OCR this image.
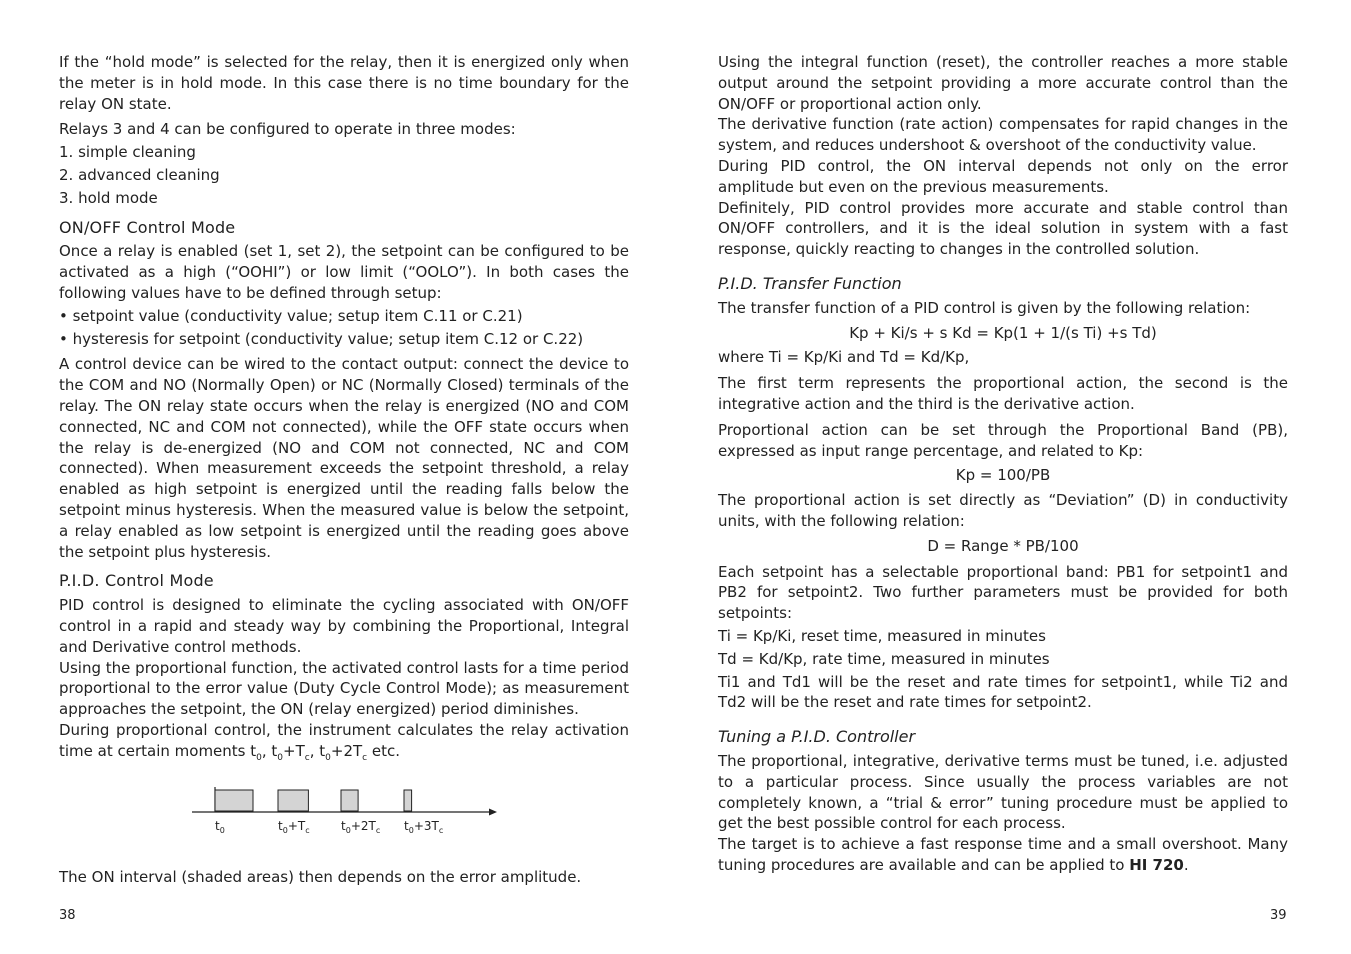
If the “hold mode” is selected for the relay, then it is energized only when the meter is in hold mode. In this case there is no time boundary for the relay ON state.

Relays 3 and 4 can be configured to operate in three modes:

1. simple cleaning
2. advanced cleaning
3. hold mode
ON/OFF Control Mode

Once a relay is enabled (set 1, set 2), the setpoint can be configured to be activated as a high (“OOHI”) or low limit (“OOLO”). In both cases the following values have to be defined through setup:

• setpoint value (conductivity value; setup item C.11 or C.21)
• hysteresis for setpoint (conductivity value; setup item C.12 or C.22)

A control device can be wired to the contact output: connect the device to the COM and NO (Normally Open) or NC (Normally Closed) terminals of the relay. The ON relay state occurs when the relay is energized (NO and COM connected, NC and COM not connected), while the OFF state occurs when the relay is de-energized (NO and COM not connected, NC and COM connected). When measurement exceeds the setpoint threshold, a relay enabled as high setpoint is energized until the reading falls below the setpoint minus hysteresis. When the measured value is below the setpoint, a relay enabled as low setpoint is energized until the reading goes above the setpoint plus hysteresis.

P.I.D. Control Mode

PID control is designed to eliminate the cycling associated with ON/OFF control in a rapid and steady way by combining the Proportional, Integral and Derivative control methods.

Using the proportional function, the activated control lasts for a time period proportional to the error value (Duty Cycle Control Mode); as measurement approaches the setpoint, the ON (relay energized) period diminishes.

During proportional control, the instrument calculates the relay activation time at certain moments $t_0$, $t_0+T_c$, $t_0+2T_c$ etc.

$t_0$	$t_0+T_c$	$t_0+2T_c$ $t_0+3T_c$

The ON interval (shaded areas) then depends on the error amplitude.

38

Using the integral function (reset), the controller reaches a more stable output around the setpoint providing a more accurate control than the ON/OFF or proportional action only.

The derivative function (rate action) compensates for rapid changes in the system, and reduces undershoot & overshoot of the conductivity value.

During PID control, the ON interval depends not only on the error amplitude but even on the previous measurements.

Definitely, PID control provides more accurate and stable control than ON/OFF controllers, and it is the ideal solution in system with a fast response, quickly reacting to changes in the controlled solution.

P.I.D. Transfer Function

The transfer function of a PID control is given by the following relation:

Kp + Ki/s + s Kd = Kp(1 + 1/(s Ti) +s Td)

where Ti = Kp/Ki and Td = Kd/Kp,

The first term represents the proportional action, the second is the integrative action and the third is the derivative action.

Proportional action can be set through the Proportional Band (PB), expressed as input range percentage, and related to Kp:

Kp = 100/PB

The proportional action is set directly as “Deviation” (D) in conductivity units, with the following relation:

D = Range * PB/100

Each setpoint has a selectable proportional band: PB1 for setpoint1 and PB2 for setpoint2. Two further parameters must be provided for both setpoints:

Ti = Kp/Ki, reset time, measured in minutes
Td = Kd/Kp, rate time, measured in minutes

Ti1 and Td1 will be the reset and rate times for setpoint1, while Ti2 and Td2 will be the reset and rate times for setpoint2.

Tuning a P.I.D. Controller

The proportional, integrative, derivative terms must be tuned, i.e. adjusted to a particular process. Since usually the process variables are not completely known, a “trial & error” tuning procedure must be applied to get the best possible control for each process.

The target is to achieve a fast response time and a small overshoot. Many tuning procedures are available and can be applied to HI 720.

39
